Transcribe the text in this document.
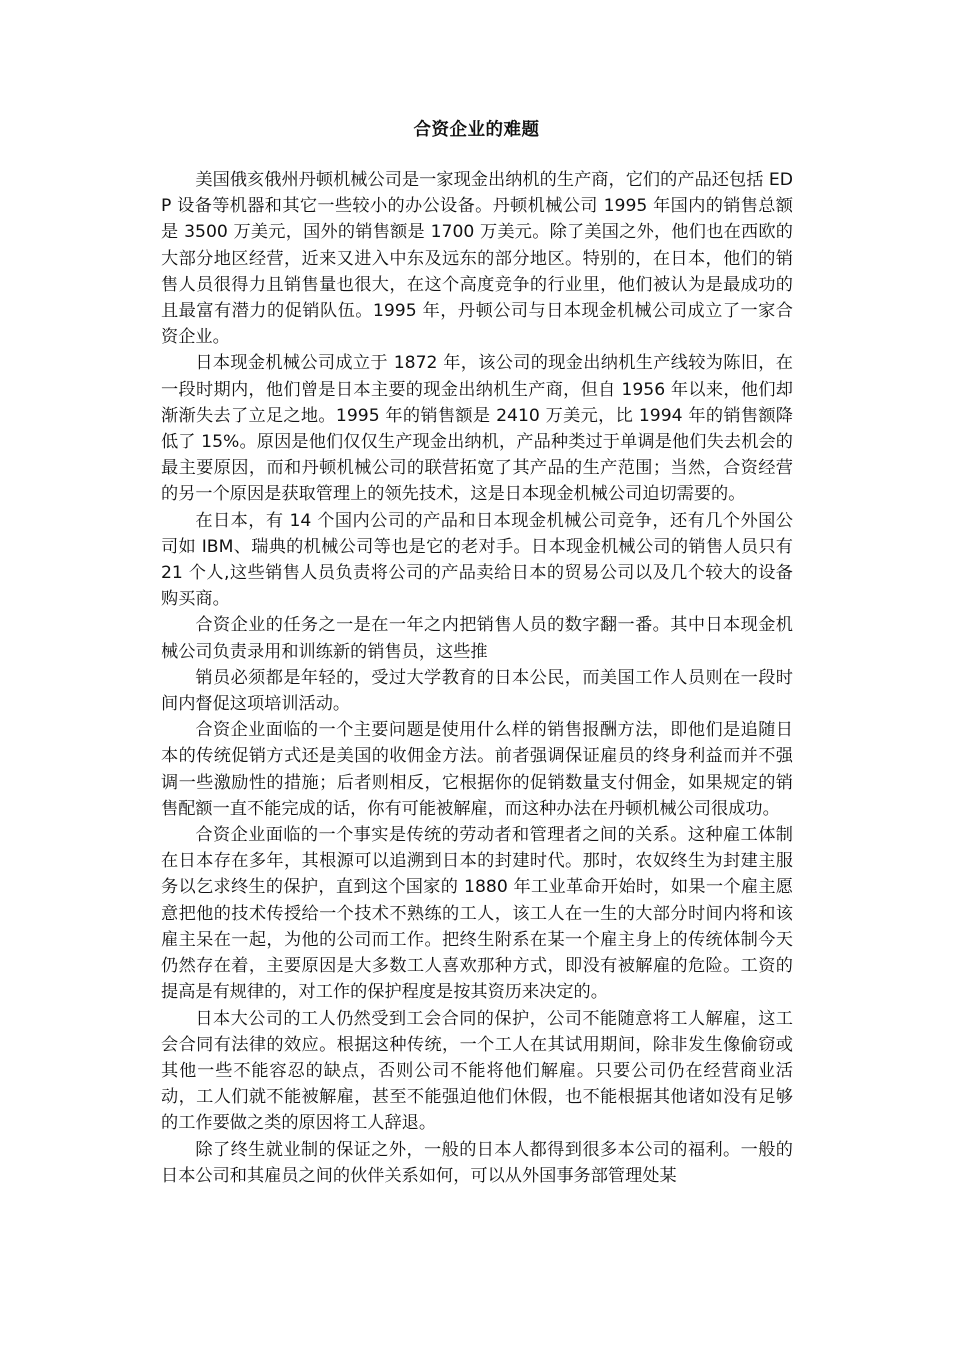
合资企业的难题

美国俄亥俄州丹顿机械公司是一家现金出纳机的生产商，它们的产品还包括 EDP 设备等机器和其它一些较小的办公设备。丹顿机械公司 1995 年国内的销售总额是 3500 万美元，国外的销售额是 1700 万美元。除了美国之外，他们也在西欧的大部分地区经营，近来又进入中东及远东的部分地区。特别的，在日本，他们的销售人员很得力且销售量也很大，在这个高度竞争的行业里，他们被认为是最成功的且最富有潜力的促销队伍。1995 年，丹顿公司与日本现金机械公司成立了一家合资企业。

日本现金机械公司成立于 1872 年，该公司的现金出纳机生产线较为陈旧，在一段时期内，他们曾是日本主要的现金出纳机生产商，但自 1956 年以来，他们却渐渐失去了立足之地。1995 年的销售额是 2410 万美元，比 1994 年的销售额降低了 15%。原因是他们仅仅生产现金出纳机，产品种类过于单调是他们失去机会的最主要原因，而和丹顿机械公司的联营拓宽了其产品的生产范围；当然，合资经营的另一个原因是获取管理上的领先技术，这是日本现金机械公司迫切需要的。

在日本，有 14 个国内公司的产品和日本现金机械公司竞争，还有几个外国公司如 IBM、瑞典的机械公司等也是它的老对手。日本现金机械公司的销售人员只有 21 个人,这些销售人员负责将公司的产品卖给日本的贸易公司以及几个较大的设备购买商。

合资企业的任务之一是在一年之内把销售人员的数字翻一番。其中日本现金机械公司负责录用和训练新的销售员，这些推

销员必须都是年轻的，受过大学教育的日本公民，而美国工作人员则在一段时间内督促这项培训活动。

合资企业面临的一个主要问题是使用什么样的销售报酬方法，即他们是追随日本的传统促销方式还是美国的收佣金方法。前者强调保证雇员的终身利益而并不强调一些激励性的措施；后者则相反，它根据你的促销数量支付佣金，如果规定的销售配额一直不能完成的话，你有可能被解雇，而这种办法在丹顿机械公司很成功。

合资企业面临的一个事实是传统的劳动者和管理者之间的关系。这种雇工体制在日本存在多年，其根源可以追溯到日本的封建时代。那时，农奴终生为封建主服务以乞求终生的保护，直到这个国家的 1880 年工业革命开始时，如果一个雇主愿意把他的技术传授给一个技术不熟练的工人，该工人在一生的大部分时间内将和该雇主呆在一起，为他的公司而工作。把终生附系在某一个雇主身上的传统体制今天仍然存在着，主要原因是大多数工人喜欢那种方式，即没有被解雇的危险。工资的提高是有规律的，对工作的保护程度是按其资历来决定的。

日本大公司的工人仍然受到工会合同的保护，公司不能随意将工人解雇，这工会合同有法律的效应。根据这种传统，一个工人在其试用期间，除非发生像偷窃或其他一些不能容忍的缺点，否则公司不能将他们解雇。只要公司仍在经营商业活动，工人们就不能被解雇，甚至不能强迫他们休假，也不能根据其他诸如没有足够的工作要做之类的原因将工人辞退。

除了终生就业制的保证之外，一般的日本人都得到很多本公司的福利。一般的日本公司和其雇员之间的伙伴关系如何，可以从外国事务部管理处某
